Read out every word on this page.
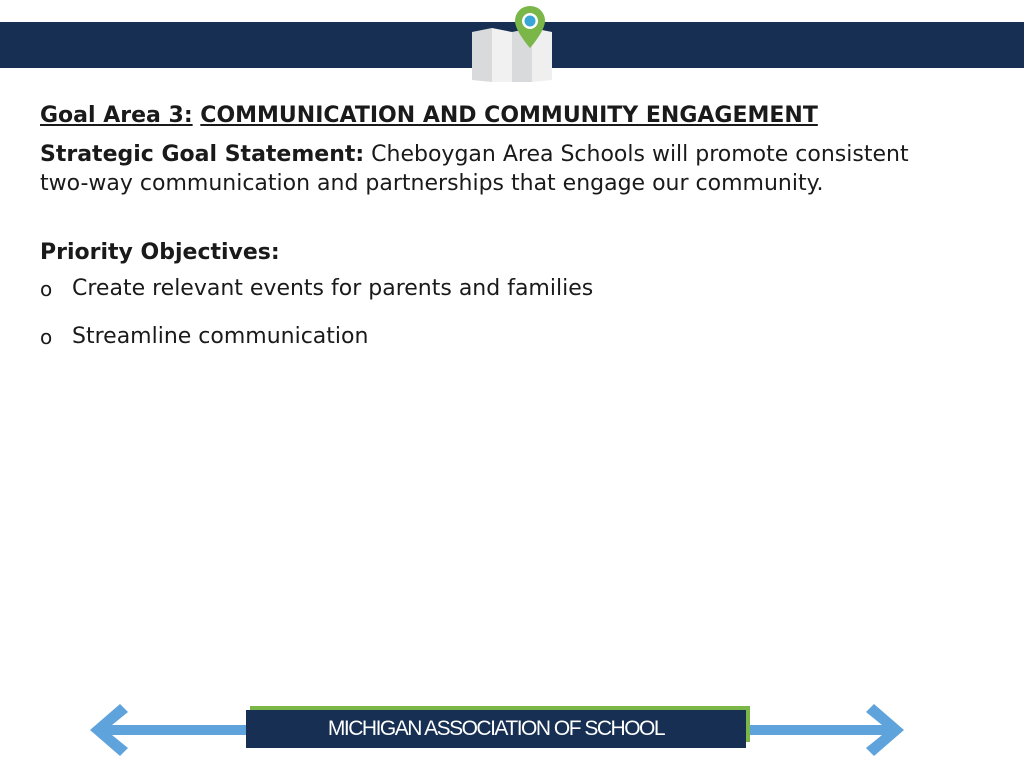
Goal Area 3: COMMUNICATION AND COMMUNITY ENGAGEMENT

Strategic Goal Statement: Cheboygan Area Schools will promote consistent
two-way communication and partnerships that engage our community.

Priority Objectives:

o Create relevant events for parents and families
o Streamline communication
MICHIGAN ASSOCIATION OF SCHOOL
